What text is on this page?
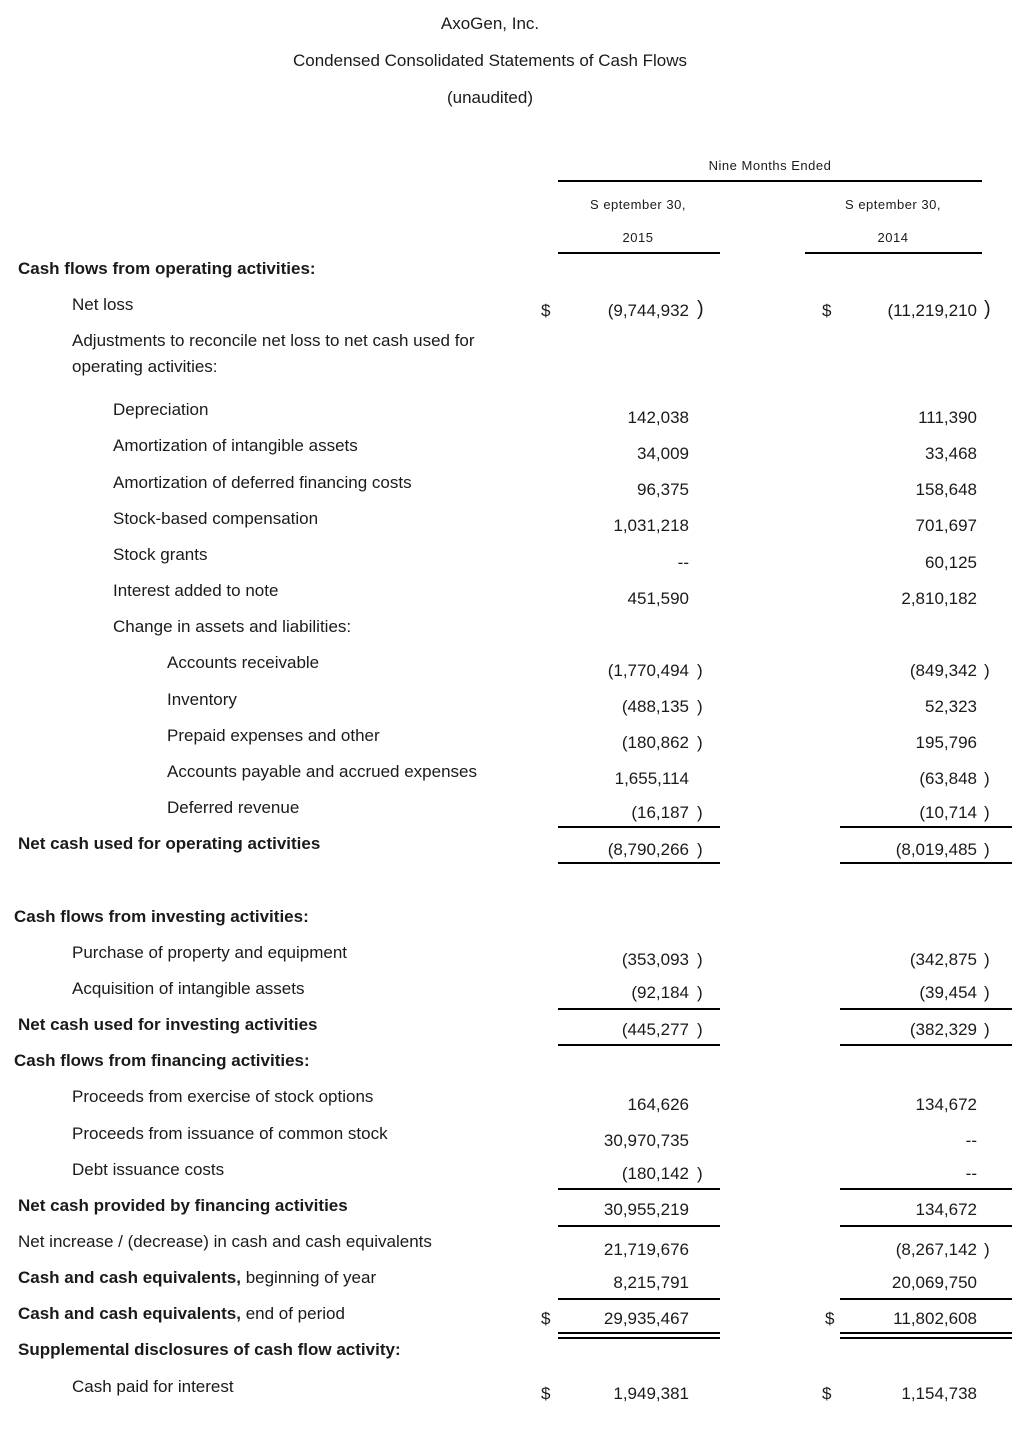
AxoGen, Inc.
Condensed Consolidated Statements of Cash Flows
(unaudited)
Nine Months Ended
S eptember 30,
2015
S eptember 30,
2014
Cash flows from operating activities:
Net loss	$	(9,744,932 )	$	(11,219,210 )
Adjustments to reconcile net loss to net cash used for
operating activities:
Depreciation	142,038	111,390
Amortization of intangible assets	34,009	33,468
Amortization of deferred financing costs	96,375	158,648
Stock-based compensation	1,031,218	701,697
Stock grants	--	60,125
Interest added to note	451,590	2,810,182
Change in assets and liabilities:
Accounts receivable	(1,770,494 )	(849,342 )
Inventory	(488,135 )	52,323
Prepaid expenses and other	(180,862 )	195,796
Accounts payable and accrued expenses	1,655,114	(63,848 )
Deferred revenue	(16,187 )	(10,714 )
Net cash used for operating activities	(8,790,266 )	(8,019,485 )
Cash flows from investing activities:
Purchase of property and equipment	(353,093 )	(342,875 )
Acquisition of intangible assets	(92,184 )	(39,454 )
Net cash used for investing activities	(445,277 )	(382,329 )
Cash flows from financing activities:
Proceeds from exercise of stock options	164,626	134,672
Proceeds from issuance of common stock	30,970,735	--
Debt issuance costs	(180,142 )	--
Net cash provided by financing activities	30,955,219	134,672
Net increase / (decrease) in cash and cash equivalents	21,719,676	(8,267,142 )
Cash and cash equivalents, beginning of year	8,215,791	20,069,750
Cash and cash equivalents, end of period	$	29,935,467	$	11,802,608
Supplemental disclosures of cash flow activity:
Cash paid for interest	$	1,949,381	$	1,154,738
